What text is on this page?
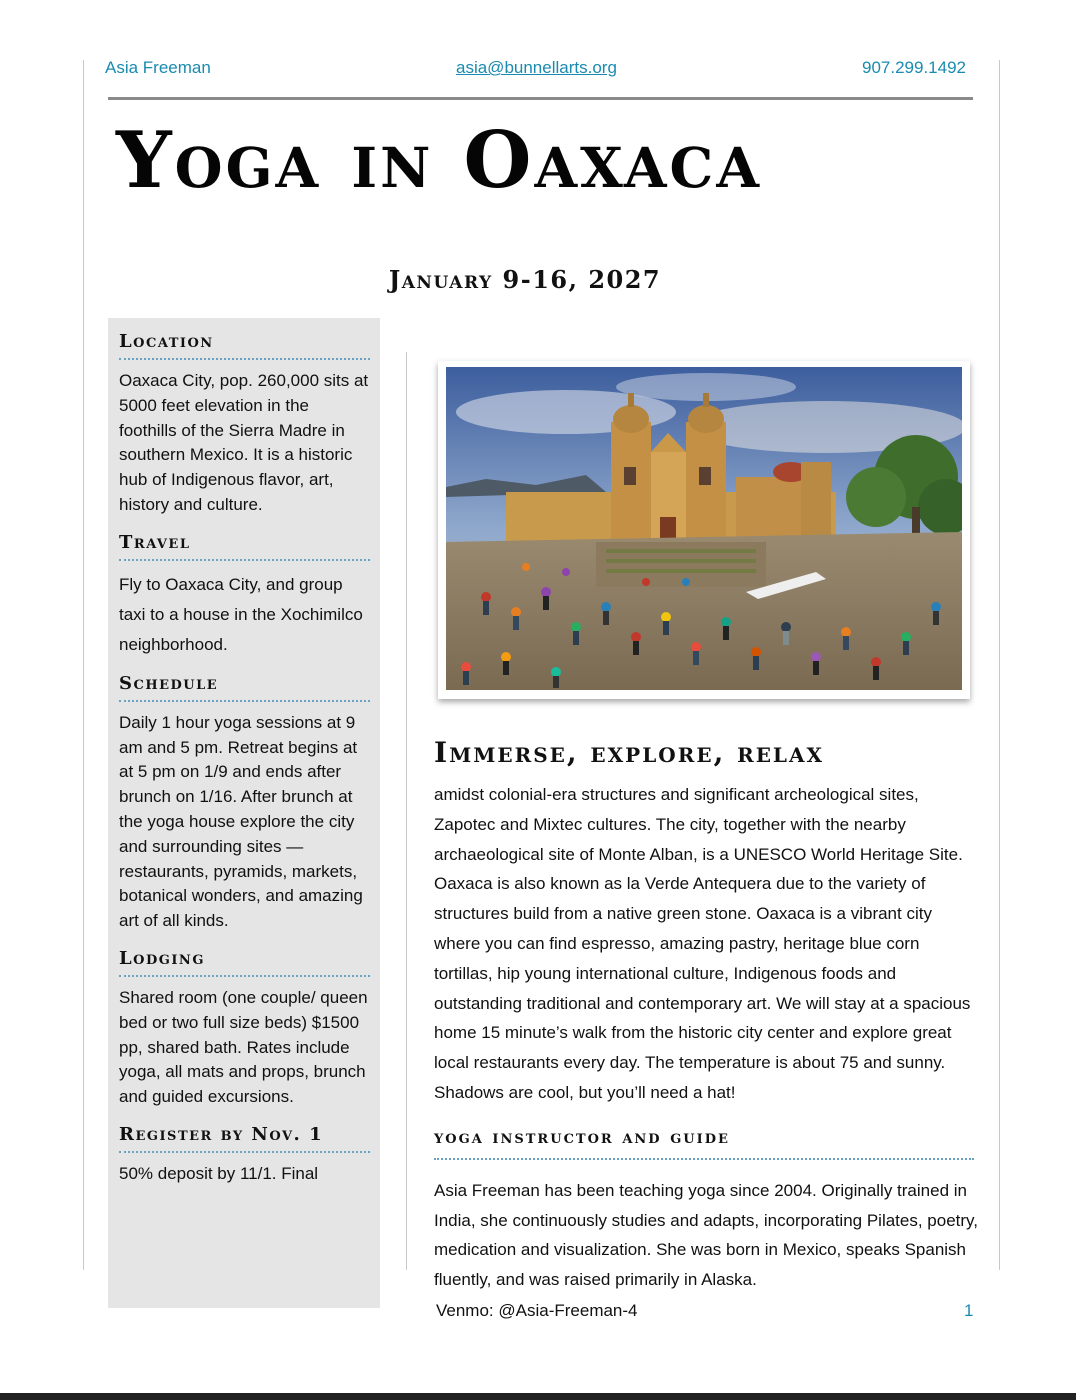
Asia Freeman	asia@bunnellarts.org	907.299.1492
Yoga in Oaxaca
January 9-16, 2027
Location
Oaxaca City, pop. 260,000 sits at 5000 feet elevation in the foothills of the Sierra Madre in southern Mexico. It is a historic hub of Indigenous flavor, art, history and culture.
Travel
Fly to Oaxaca City, and group taxi to a house in the Xochimilco neighborhood.
Schedule
Daily 1 hour yoga sessions at 9 am and 5 pm. Retreat begins at at 5 pm on 1/9 and ends after brunch on 1/16. After brunch at the yoga house explore the city and surrounding sites — restaurants, pyramids, markets, botanical wonders, and amazing art of all kinds.
Lodging
Shared room (one couple/ queen bed or two full size beds) $1500 pp, shared bath. Rates include yoga, all mats and props, brunch and guided excursions.
Register by Nov. 1
50% deposit by 11/1. Final
Immerse, explore, relax
amidst colonial-era structures and significant archeological sites, Zapotec and Mixtec cultures. The city, together with the nearby archaeological site of Monte Alban, is a UNESCO World Heritage Site. Oaxaca is also known as la Verde Antequera due to the variety of structures build from a native green stone. Oaxaca is a vibrant city where you can find espresso, amazing pastry, heritage blue corn tortillas, hip young international culture, Indigenous foods and outstanding traditional and contemporary art. We will stay at a spacious home 15 minute’s walk from the historic city center and explore great local restaurants every day. The temperature is about 75 and sunny. Shadows are cool, but you’ll need a hat!
yoga instructor and guide
Asia Freeman has been teaching yoga since 2004. Originally trained in India, she continuously studies and adapts, incorporating Pilates, poetry, medication and visualization. She was born in Mexico, speaks Spanish fluently, and was raised primarily in Alaska.
Venmo: @Asia-Freeman-4	1
